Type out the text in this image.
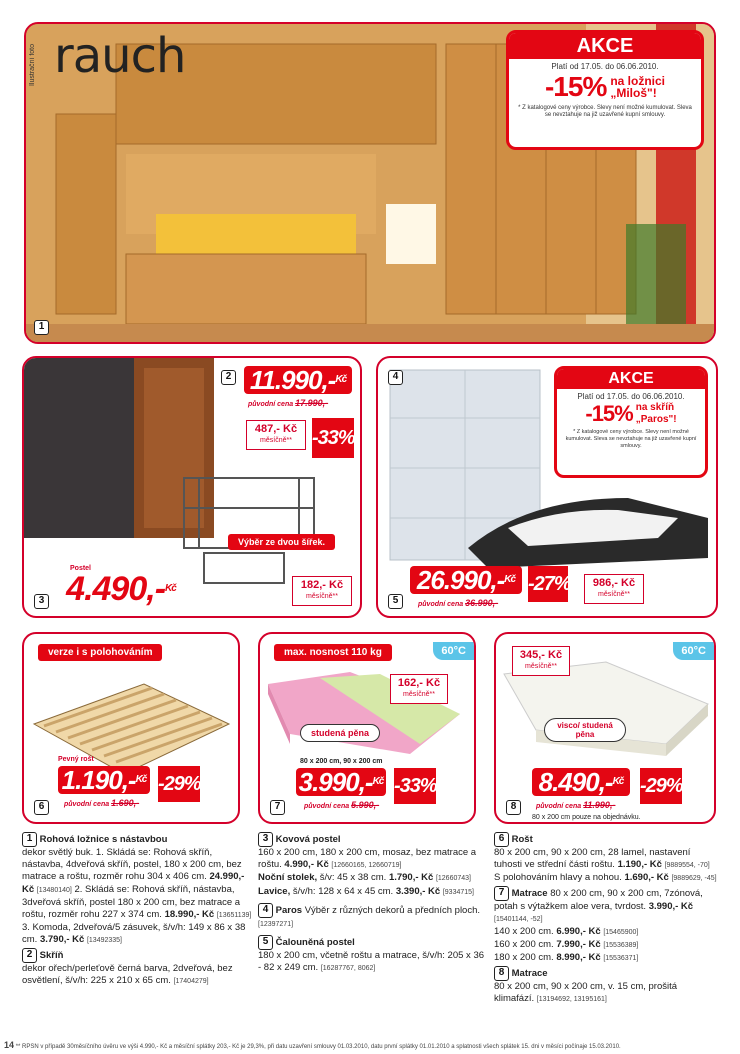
Ilustrační foto rauch
1
AKCE
Platí od 17.05. do 06.06.2010.
-15% na ložnici
„Miloš"!
* Z katalogové ceny výrobce. Slevy není možné kumulovat. Sleva se nevztahuje na již uzavřené kupní smlouvy.
2 11.990,-$^{Kč}$
původní cena 17.990,-
487,- Kč
měsíčně**	-33%
Výběr ze dvou šířek.
Postel
4.490,-$^{Kč}$
3
182,- Kč
měsíčně**
4	AKCE
Platí od 17.05. do 06.06.2010.
-15% na skříň
„Paros"!
* Z katalogové ceny výrobce. Slevy není možné kumulovat. Sleva se nevztahuje na již uzavřené kupní smlouvy.
5
26.990,-$^{Kč}$
původní cena 36.990,-
-27%	986,- Kč
měsíčně**
verze i s polohováním
Pevný rošt
1.190,-$^{Kč}$
původní cena 1.690,-
-29%
6
max. nosnost 110 kg	60°C
162,- Kč
měsíčně**
studená pěna
80 x 200 cm, 90 x 200 cm
3.990,-$^{Kč}$
původní cena 5.990,-
-33%
7
60°C
345,- Kč
měsíčně**
visco/ studená pěna
8.490,-$^{Kč}$
původní cena 11.990,-
-29%
8
80 x 200 cm pouze na objednávku.
1 Rohová ložnice s nástavbou
dekor světlý buk. 1. Skládá se: Rohová skříň, nástavba, 4dveřová skříň, postel, 180 x 200 cm, bez matrace a roštu, rozměr rohu 304 x 406 cm. 24.990,- Kč [13480140] 2. Skládá se: Rohová skříň, nástavba, 3dveřová skříň, postel 180 x 200 cm, bez matrace a roštu, rozměr rohu 227 x 374 cm. 18.990,- Kč [13651139] 3. Komoda, 2dveřová/5 zásuvek, š/v/h: 149 x 86 x 38 cm. 3.790,- Kč [13492335]
2 Skříň
dekor ořech/perleťově černá barva, 2dveřová, bez osvětlení, š/v/h: 225 x 210 x 65 cm. [17404279]
3 Kovová postel
160 x 200 cm, 180 x 200 cm, mosaz, bez matrace a roštu. 4.990,- Kč [12660165, 12660719]
Noční stolek, š/v: 45 x 38 cm. 1.790,- Kč [12660743]
Lavice, š/v/h: 128 x 64 x 45 cm. 3.390,- Kč [9334715]
4 Paros Výběr z různých dekorů a předních ploch. [12397271]
5 Čalouněná postel
180 x 200 cm, včetně roštu a matrace, š/v/h: 205 x 36 - 82 x 249 cm. [16287767, 8062]
6 Rošt
80 x 200 cm, 90 x 200 cm, 28 lamel, nastavení tuhosti ve střední části roštu. 1.190,- Kč [9889554, -70] S polohováním hlavy a nohou. 1.690,- Kč [9889629, -45]
7 Matrace 80 x 200 cm, 90 x 200 cm, 7zónová, potah s výtažkem aloe vera, tvrdost. 3.990,- Kč [15401144, -52]
140 x 200 cm. 6.990,- Kč [15465900]
160 x 200 cm. 7.990,- Kč [15536389]
180 x 200 cm. 8.990,- Kč [15536371]
8 Matrace
80 x 200 cm, 90 x 200 cm, v. 15 cm, prošitá klimafází. [13194692, 13195161]
14 ** RPSN v případě 30měsíčního úvěru ve výši 4.990,- Kč a měsíční splátky 203,- Kč je 29,3%, při datu uzavření smlouvy 01.03.2010, datu první splátky 01.01.2010 a splatnosti všech splátek 15. dni v měsíci počínaje 15.03.2010.
